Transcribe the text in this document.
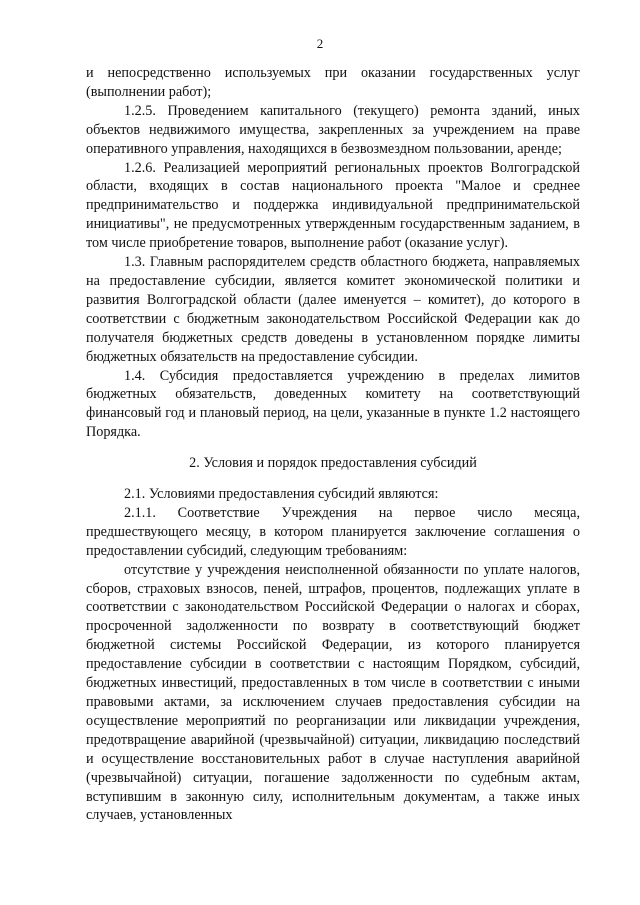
2

и непосредственно используемых при оказании государственных услуг (выполнении работ);

1.2.5. Проведением капитального (текущего) ремонта зданий, иных объектов недвижимого имущества, закрепленных за учреждением на праве оперативного управления, находящихся в безвозмездном пользовании, аренде;

1.2.6. Реализацией мероприятий региональных проектов Волгоградской области, входящих в состав национального проекта "Малое и среднее предпринимательство и поддержка индивидуальной предпринимательской инициативы", не предусмотренных утвержденным государственным заданием, в том числе приобретение товаров, выполнение работ (оказание услуг).

1.3. Главным распорядителем средств областного бюджета, направляемых на предоставление субсидии, является комитет экономической политики и развития Волгоградской области (далее именуется – комитет), до которого в соответствии с бюджетным законодательством Российской Федерации как до получателя бюджетных средств доведены в установленном порядке лимиты бюджетных обязательств на предоставление субсидии.

1.4. Субсидия предоставляется учреждению в пределах лимитов бюджетных обязательств, доведенных комитету на соответствующий финансовый год и плановый период, на цели, указанные в пункте 1.2 настоящего Порядка.

2. Условия и порядок предоставления субсидий

2.1. Условиями предоставления субсидий являются:

2.1.1. Соответствие Учреждения на первое число месяца, предшествующего месяцу, в котором планируется заключение соглашения о предоставлении субсидий, следующим требованиям:

отсутствие у учреждения неисполненной обязанности по уплате налогов, сборов, страховых взносов, пеней, штрафов, процентов, подлежащих уплате в соответствии с законодательством Российской Федерации о налогах и сборах, просроченной задолженности по возврату в соответствующий бюджет бюджетной системы Российской Федерации, из которого планируется предоставление субсидии в соответствии с настоящим Порядком, субсидий, бюджетных инвестиций, предоставленных в том числе в соответствии с иными правовыми актами, за исключением случаев предоставления субсидии на осуществление мероприятий по реорганизации или ликвидации учреждения, предотвращение аварийной (чрезвычайной) ситуации, ликвидацию последствий и осуществление восстановительных работ в случае наступления аварийной (чрезвычайной) ситуации, погашение задолженности по судебным актам, вступившим в законную силу, исполнительным документам, а также иных случаев, установленных
